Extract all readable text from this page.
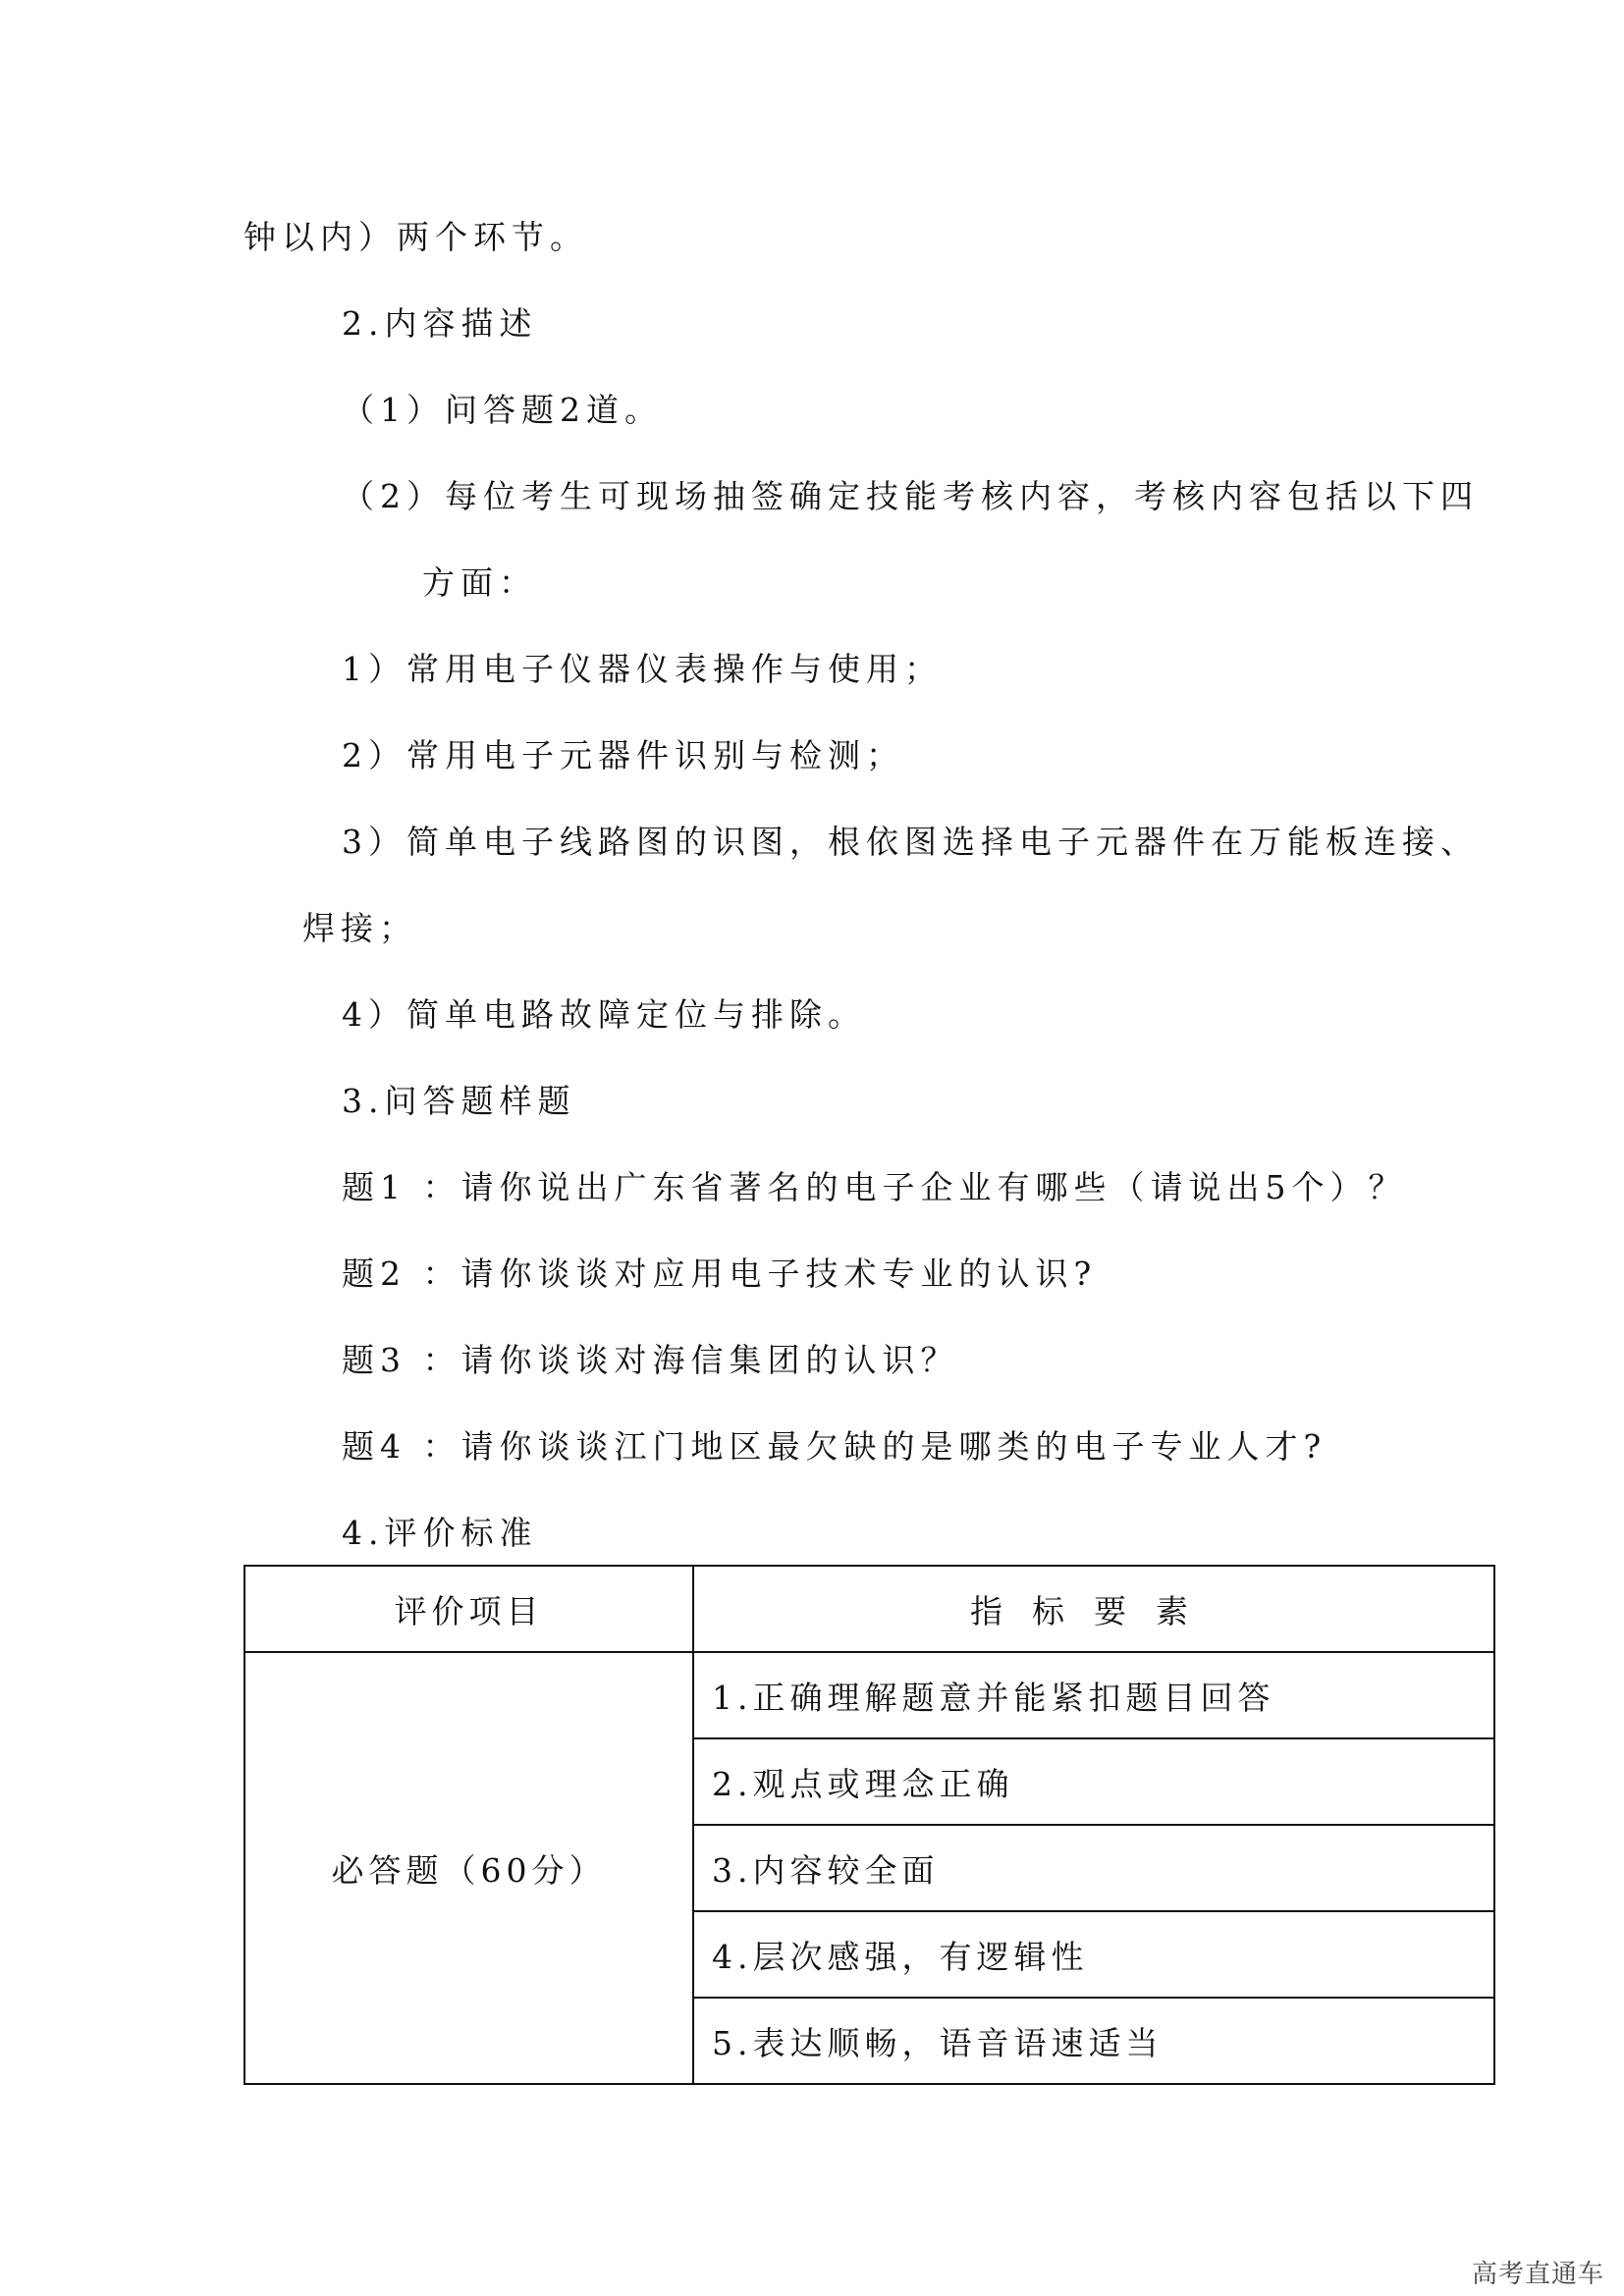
钟以内）两个环节。
2.内容描述
（1）问答题2道。
（2）每位考生可现场抽签确定技能考核内容，考核内容包括以下四
方面：
1）常用电子仪器仪表操作与使用；
2）常用电子元器件识别与检测；
3）简单电子线路图的识图，根依图选择电子元器件在万能板连接、
焊接；
4）简单电路故障定位与排除。
3.问答题样题
题1 ：请你说出广东省著名的电子企业有哪些（请说出5个）？
题2 ：请你谈谈对应用电子技术专业的认识?
题3 ：请你谈谈对海信集团的认识？
题4 ：请你谈谈江门地区最欠缺的是哪类的电子专业人才?
4.评价标准
评价项目	指标要素
必答题（60分）	1.正确理解题意并能紧扣题目回答
	2.观点或理念正确
	3.内容较全面
	4.层次感强，有逻辑性
	5.表达顺畅，语音语速适当
高考直通车
